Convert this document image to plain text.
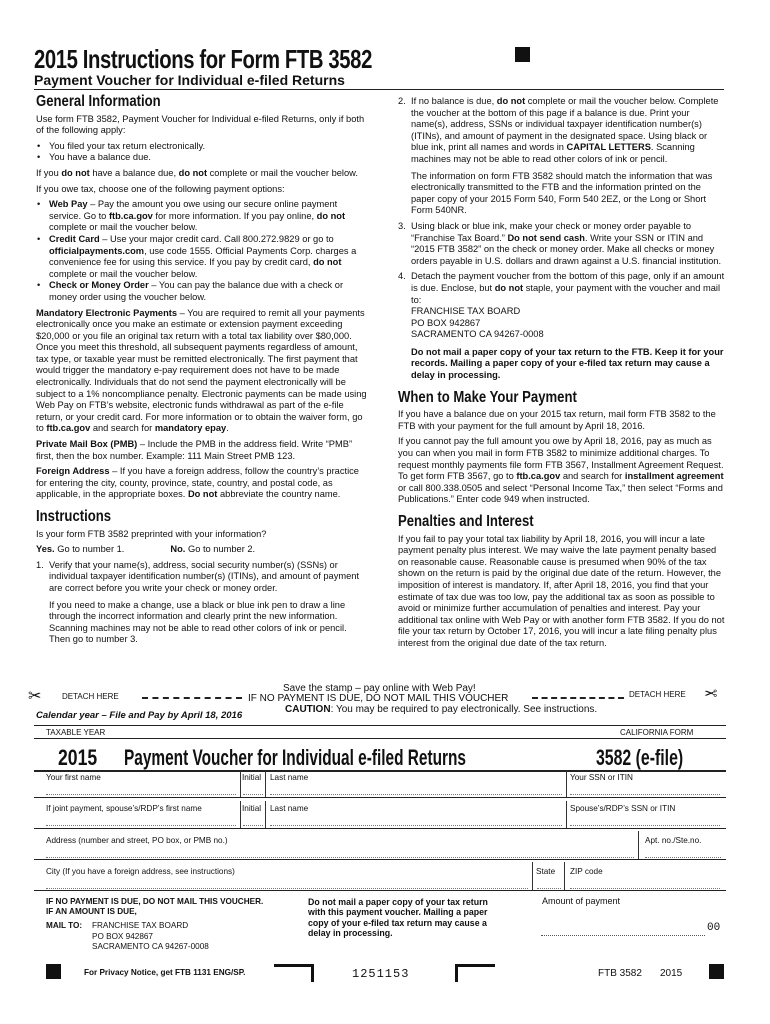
2015 Instructions for Form FTB 3582
Payment Voucher for Individual e-filed Returns
General Information

Use form FTB 3582, Payment Voucher for Individual e-filed Returns, only if both of the following apply:

• You filed your tax return electronically.
• You have a balance due.

If you do not have a balance due, do not complete or mail the voucher below.

If you owe tax, choose one of the following payment options:

• Web Pay – Pay the amount you owe using our secure online payment service. Go to ftb.ca.gov for more information. If you pay online, do not complete or mail the voucher below.
• Credit Card – Use your major credit card. Call 800.272.9829 or go to officialpayments.com, use code 1555. Official Payments Corp. charges a convenience fee for using this service. If you pay by credit card, do not complete or mail the voucher below.
• Check or Money Order – You can pay the balance due with a check or money order using the voucher below.

Mandatory Electronic Payments – You are required to remit all your payments electronically once you make an estimate or extension payment exceeding $20,000 or you file an original tax return with a total tax liability over $80,000. Once you meet this threshold, all subsequent payments regardless of amount, tax type, or taxable year must be remitted electronically. The first payment that would trigger the mandatory e-pay requirement does not have to be made electronically. Individuals that do not send the payment electronically will be subject to a 1% noncompliance penalty. Electronic payments can be made using Web Pay on FTB’s website, electronic funds withdrawal as part of the e-file return, or your credit card. For more information or to obtain the waiver form, go to ftb.ca.gov and search for mandatory epay.

Private Mail Box (PMB) – Include the PMB in the address field. Write “PMB” first, then the box number. Example: 111 Main Street PMB 123.

Foreign Address – If you have a foreign address, follow the country’s practice for entering the city, county, province, state, country, and postal code, as applicable, in the appropriate boxes. Do not abbreviate the country name.

Instructions

Is your form FTB 3582 preprinted with your information?

Yes. Go to number 1.	No. Go to number 2.

1. Verify that your name(s), address, social security number(s) (SSNs) or individual taxpayer identification number(s) (ITINs), and amount of payment are correct before you write your check or money order.
If you need to make a change, use a black or blue ink pen to draw a line through the incorrect information and clearly print the new information. Scanning machines may not be able to read other colors of ink or pencil. Then go to number 3.
2. If no balance is due, do not complete or mail the voucher below. Complete the voucher at the bottom of this page if a balance is due. Print your name(s), address, SSNs or individual taxpayer identification number(s) (ITINs), and amount of payment in the designated space. Using black or blue ink, print all names and words in CAPITAL LETTERS. Scanning machines may not be able to read other colors of ink or pencil.
The information on form FTB 3582 should match the information that was electronically transmitted to the FTB and the information printed on the paper copy of your 2015 Form 540, Form 540 2EZ, or the Long or Short Form 540NR.
3. Using black or blue ink, make your check or money order payable to “Franchise Tax Board.” Do not send cash. Write your SSN or ITIN and “2015 FTB 3582” on the check or money order. Make all checks or money orders payable in U.S. dollars and drawn against a U.S. financial institution.
4. Detach the payment voucher from the bottom of this page, only if an amount is due. Enclose, but do not staple, your payment with the voucher and mail to:
FRANCHISE TAX BOARD
PO BOX 942867
SACRAMENTO CA 94267-0008

Do not mail a paper copy of your tax return to the FTB. Keep it for your records. Mailing a paper copy of your e-filed tax return may cause a delay in processing.

When to Make Your Payment

If you have a balance due on your 2015 tax return, mail form FTB 3582 to the FTB with your payment for the full amount by April 18, 2016.

If you cannot pay the full amount you owe by April 18, 2016, pay as much as you can when you mail in form FTB 3582 to minimize additional charges. To request monthly payments file form FTB 3567, Installment Agreement Request. To get form FTB 3567, go to ftb.ca.gov and search for installment agreement or call 800.338.0505 and select “Personal Income Tax,” then select “Forms and Publications.” Enter code 949 when instructed.

Penalties and Interest

If you fail to pay your total tax liability by April 18, 2016, you will incur a late payment penalty plus interest. We may waive the late payment penalty based on reasonable cause. Reasonable cause is presumed when 90% of the tax shown on the return is paid by the original due date of the return. However, the imposition of interest is mandatory. If, after April 18, 2016, you find that your estimate of tax due was too low, pay the additional tax as soon as possible to avoid or minimize further accumulation of penalties and interest. Pay your additional tax online with Web Pay or with another form FTB 3582. If you do not file your tax return by October 17, 2016, you will incur a late filing penalty plus interest from the original due date of the tax return.

Save the stamp – pay online with Web Pay!
✂	DETACH HERE	IF NO PAYMENT IS DUE, DO NOT MAIL THIS VOUCHER	DETACH HERE ✂
CAUTION: You may be required to pay electronically. See instructions.
Calendar year – File and Pay by April 18, 2016
TAXABLE YEAR	CALIFORNIA FORM
2015 Payment Voucher for Individual e-filed Returns	3582 (e-file)
Your first name	Initial Last name	Your SSN or ITIN
If joint payment, spouse’s/RDP’s first name	Initial Last name	Spouse’s/RDP’s SSN or ITIN
Address (number and street, PO box, or PMB no.)	Apt. no./Ste.no.
City (If you have a foreign address, see instructions)	State ZIP code
IF NO PAYMENT IS DUE, DO NOT MAIL THIS VOUCHER.
IF AN AMOUNT IS DUE,
MAIL TO: FRANCHISE TAX BOARD
PO BOX 942867
SACRAMENTO CA 94267-0008
Do not mail a paper copy of your tax return with this payment voucher. Mailing a paper copy of your e-filed tax return may cause a delay in processing.
Amount of payment
00
For Privacy Notice, get FTB 1131 ENG/SP.	1251153	FTB 3582 2015
